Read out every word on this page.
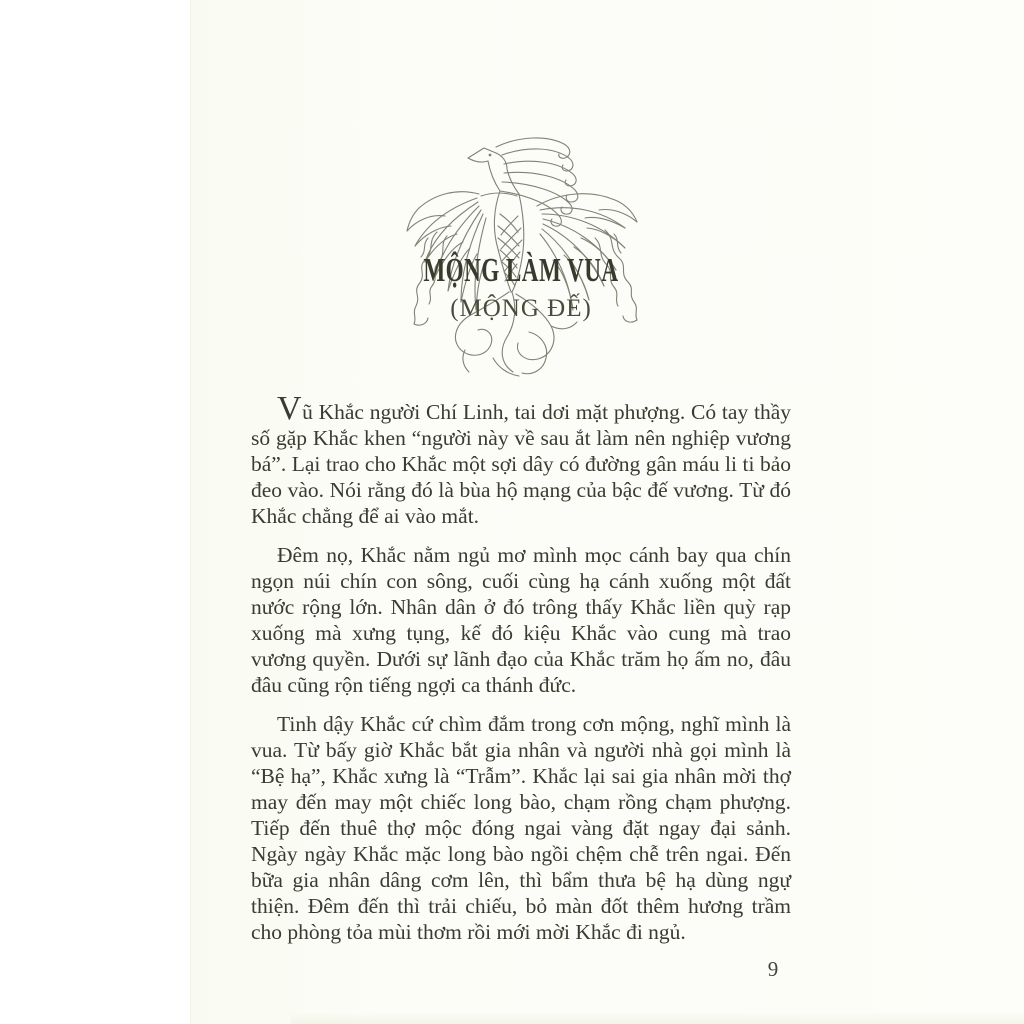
MỘNG LÀM VUA
(MỘNG ĐẾ)

Vũ Khắc người Chí Linh, tai dơi mặt phượng. Có tay thầy số gặp Khắc khen “người này về sau ắt làm nên nghiệp vương bá”. Lại trao cho Khắc một sợi dây có đường gân máu li ti bảo đeo vào. Nói rằng đó là bùa hộ mạng của bậc đế vương. Từ đó Khắc chẳng để ai vào mắt.

Đêm nọ, Khắc nằm ngủ mơ mình mọc cánh bay qua chín ngọn núi chín con sông, cuối cùng hạ cánh xuống một đất nước rộng lớn. Nhân dân ở đó trông thấy Khắc liền quỳ rạp xuống mà xưng tụng, kế đó kiệu Khắc vào cung mà trao vương quyền. Dưới sự lãnh đạo của Khắc trăm họ ấm no, đâu đâu cũng rộn tiếng ngợi ca thánh đức.

Tinh dậy Khắc cứ chìm đắm trong cơn mộng, nghĩ mình là vua. Từ bấy giờ Khắc bắt gia nhân và người nhà gọi mình là “Bệ hạ”, Khắc xưng là “Trẫm”. Khắc lại sai gia nhân mời thợ may đến may một chiếc long bào, chạm rồng chạm phượng. Tiếp đến thuê thợ mộc đóng ngai vàng đặt ngay đại sảnh. Ngày ngày Khắc mặc long bào ngồi chệm chễ trên ngai. Đến bữa gia nhân dâng cơm lên, thì bẩm thưa bệ hạ dùng ngự thiện. Đêm đến thì trải chiếu, bỏ màn đốt thêm hương trầm cho phòng tỏa mùi thơm rồi mới mời Khắc đi ngủ.

9
